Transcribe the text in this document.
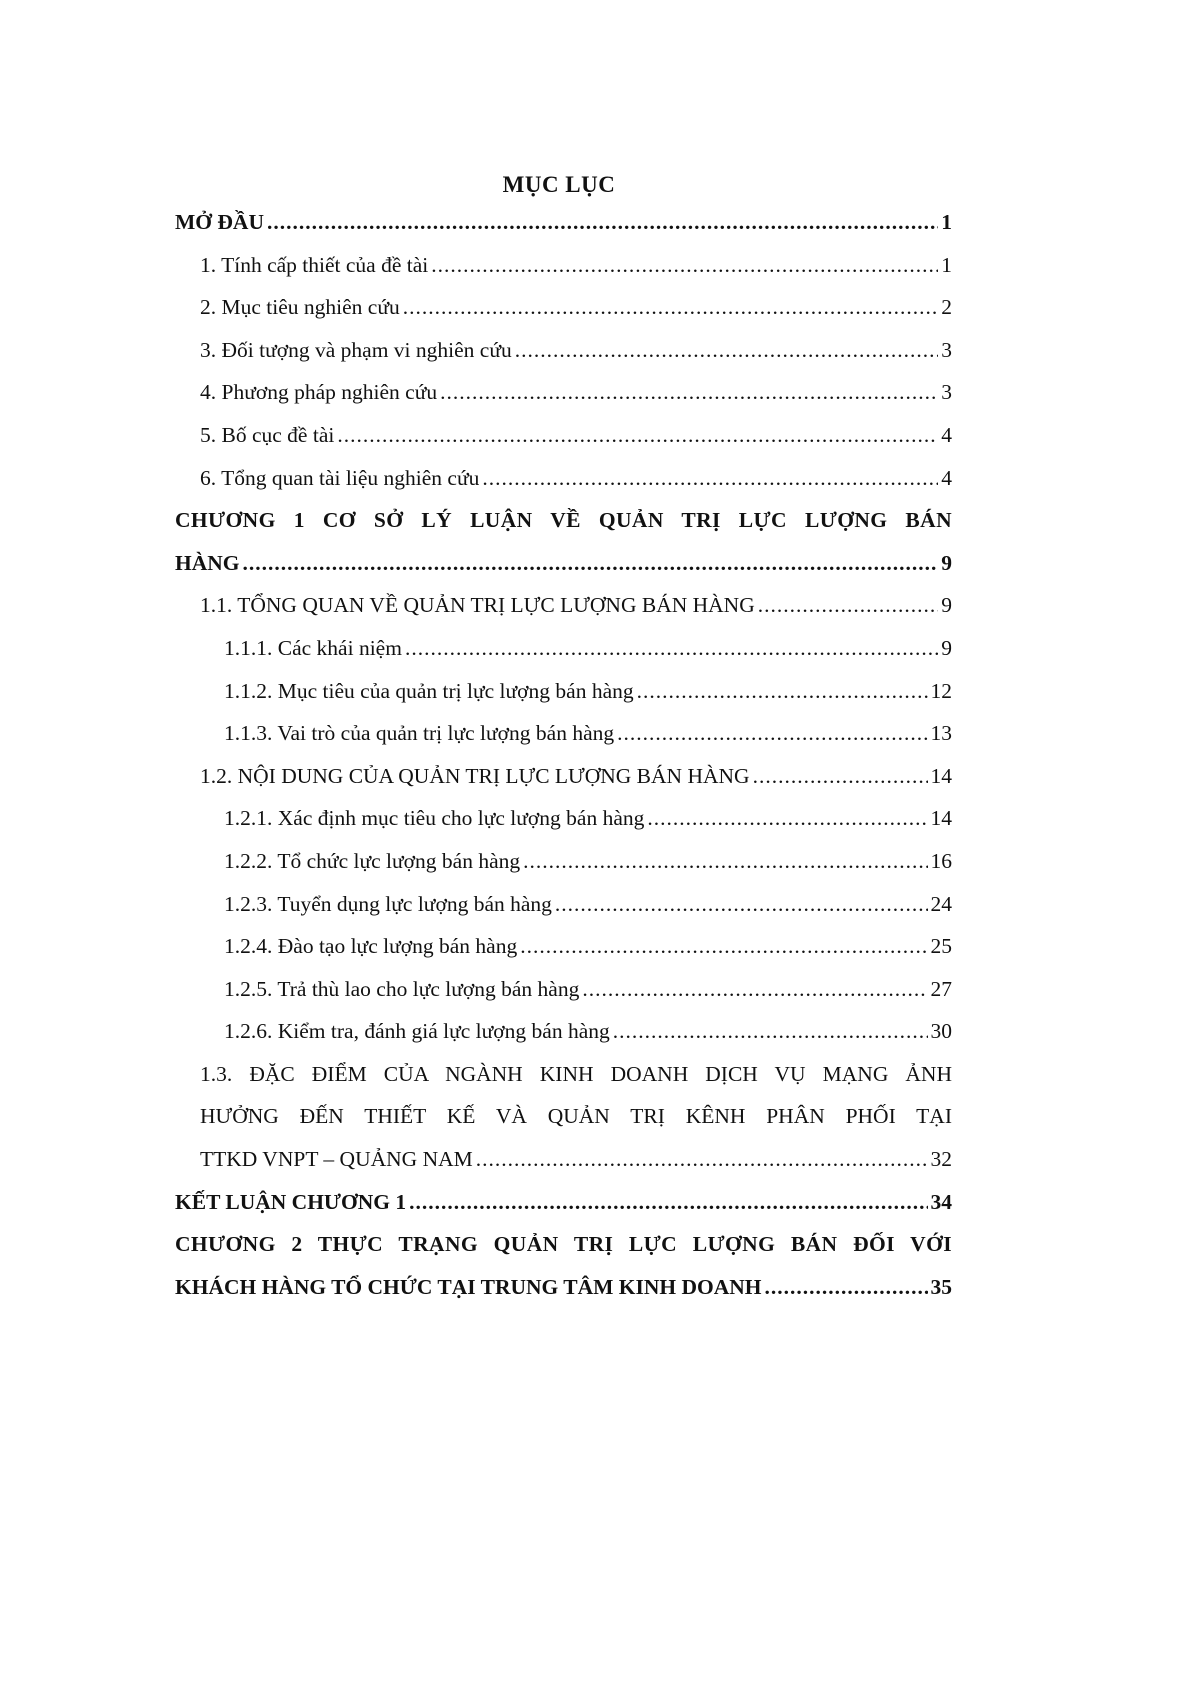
MỤC LỤC
MỞ ĐẦU .....	1
1. Tính cấp thiết của đề tài .....	1
2. Mục tiêu nghiên cứu .....	2
3. Đối tượng và phạm vi nghiên cứu .....	3
4. Phương pháp nghiên cứu .....	3
5. Bố cục đề tài .....	4
6. Tổng quan tài liệu nghiên cứu .....	4
CHƯƠNG 1 CƠ SỞ LÝ LUẬN VỀ QUẢN TRỊ LỰC LƯỢNG BÁN
HÀNG .....	9
1.1. TỔNG QUAN VỀ QUẢN TRỊ LỰC LƯỢNG BÁN HÀNG .....	9
1.1.1. Các khái niệm .....	9
1.1.2. Mục tiêu của quản trị lực lượng bán hàng .....	12
1.1.3. Vai trò của quản trị lực lượng bán hàng .....	13
1.2. NỘI DUNG CỦA QUẢN TRỊ LỰC LƯỢNG BÁN HÀNG .....	14
1.2.1. Xác định mục tiêu cho lực lượng bán hàng .....	14
1.2.2. Tổ chức lực lượng bán hàng .....	16
1.2.3. Tuyển dụng lực lượng bán hàng .....	24
1.2.4. Đào tạo lực lượng bán hàng .....	25
1.2.5. Trả thù lao cho lực lượng bán hàng .....	27
1.2.6. Kiểm tra, đánh giá lực lượng bán hàng .....	30
1.3. ĐẶC ĐIỂM CỦA NGÀNH KINH DOANH DỊCH VỤ MẠNG ẢNH
HƯỞNG ĐẾN THIẾT KẾ VÀ QUẢN TRỊ KÊNH PHÂN PHỐI TẠI
TTKD VNPT – QUẢNG NAM .....	32
KẾT LUẬN CHƯƠNG 1 .....	34
CHƯƠNG 2 THỰC TRẠNG QUẢN TRỊ LỰC LƯỢNG BÁN ĐỐI VỚI
KHÁCH HÀNG TỔ CHỨC TẠI TRUNG TÂM KINH DOANH .....	35
